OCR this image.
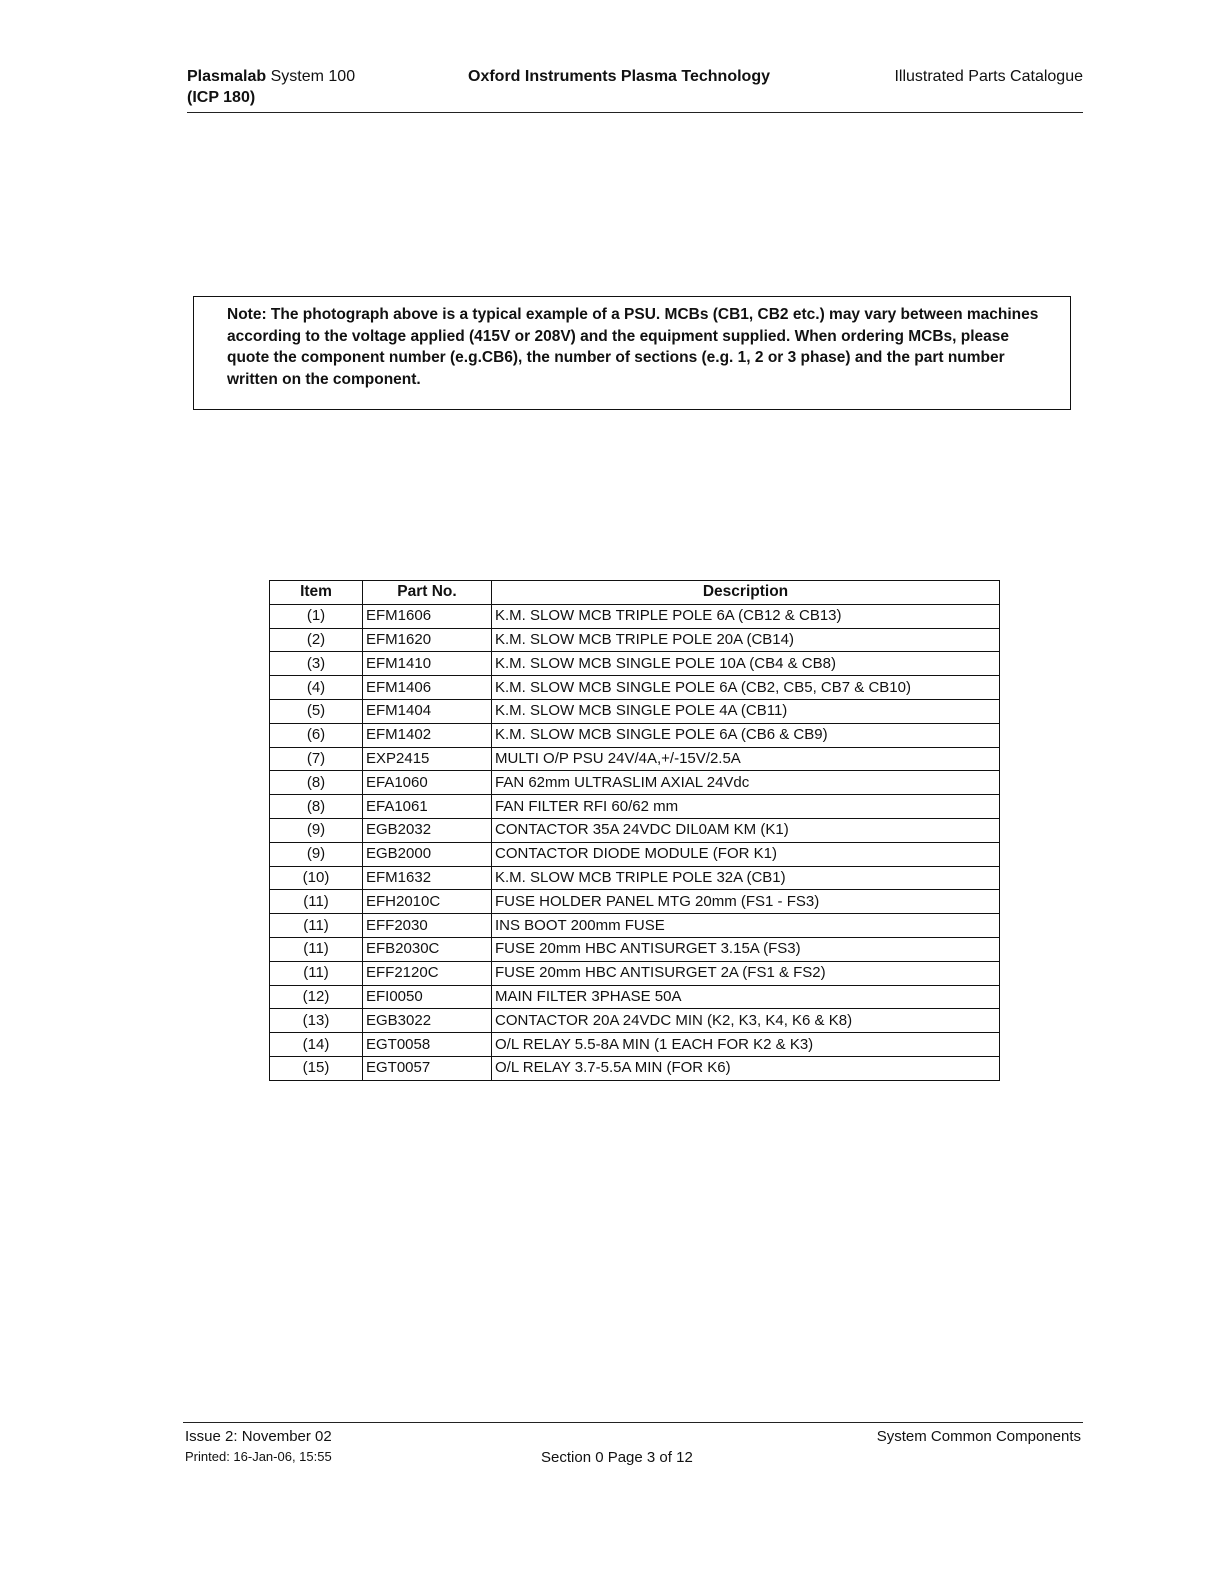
Plasmalab System 100
(ICP 180)
Oxford Instruments Plasma Technology	Illustrated Parts Catalogue
Note: The photograph above is a typical example of a PSU. MCBs (CB1, CB2 etc.) may vary between machines according to the voltage applied (415V or 208V) and the equipment supplied. When ordering MCBs, please quote the component number (e.g.CB6), the number of sections (e.g. 1, 2 or 3 phase) and the part number written on the component.
Item	Part No.	Description
(1)	EFM1606	K.M. SLOW MCB TRIPLE POLE 6A (CB12 & CB13)
(2)	EFM1620	K.M. SLOW MCB TRIPLE POLE 20A (CB14)
(3)	EFM1410	K.M. SLOW MCB SINGLE POLE 10A (CB4 & CB8)
(4)	EFM1406	K.M. SLOW MCB SINGLE POLE 6A (CB2, CB5, CB7 & CB10)
(5)	EFM1404	K.M. SLOW MCB SINGLE POLE 4A (CB11)
(6)	EFM1402	K.M. SLOW MCB SINGLE POLE 6A (CB6 & CB9)
(7)	EXP2415	MULTI O/P PSU 24V/4A,+/-15V/2.5A
(8)	EFA1060	FAN 62mm ULTRASLIM AXIAL 24Vdc
(8)	EFA1061	FAN FILTER RFI 60/62 mm
(9)	EGB2032	CONTACTOR 35A 24VDC DIL0AM KM (K1)
(9)	EGB2000	CONTACTOR DIODE MODULE (FOR K1)
(10)	EFM1632	K.M. SLOW MCB TRIPLE POLE 32A (CB1)
(11)	EFH2010C	FUSE HOLDER PANEL MTG 20mm (FS1 - FS3)
(11)	EFF2030	INS BOOT 200mm FUSE
(11)	EFB2030C	FUSE 20mm HBC ANTISURGET 3.15A (FS3)
(11)	EFF2120C	FUSE 20mm HBC ANTISURGET 2A (FS1 & FS2)
(12)	EFI0050	MAIN FILTER 3PHASE 50A
(13)	EGB3022	CONTACTOR 20A 24VDC MIN (K2, K3, K4, K6 & K8)
(14)	EGT0058	O/L RELAY 5.5-8A MIN (1 EACH FOR K2 & K3)
(15)	EGT0057	O/L RELAY 3.7-5.5A MIN (FOR K6)
Issue 2: November 02
Printed: 16-Jan-06, 15:55	Section 0 Page 3 of 12
System Common Components
